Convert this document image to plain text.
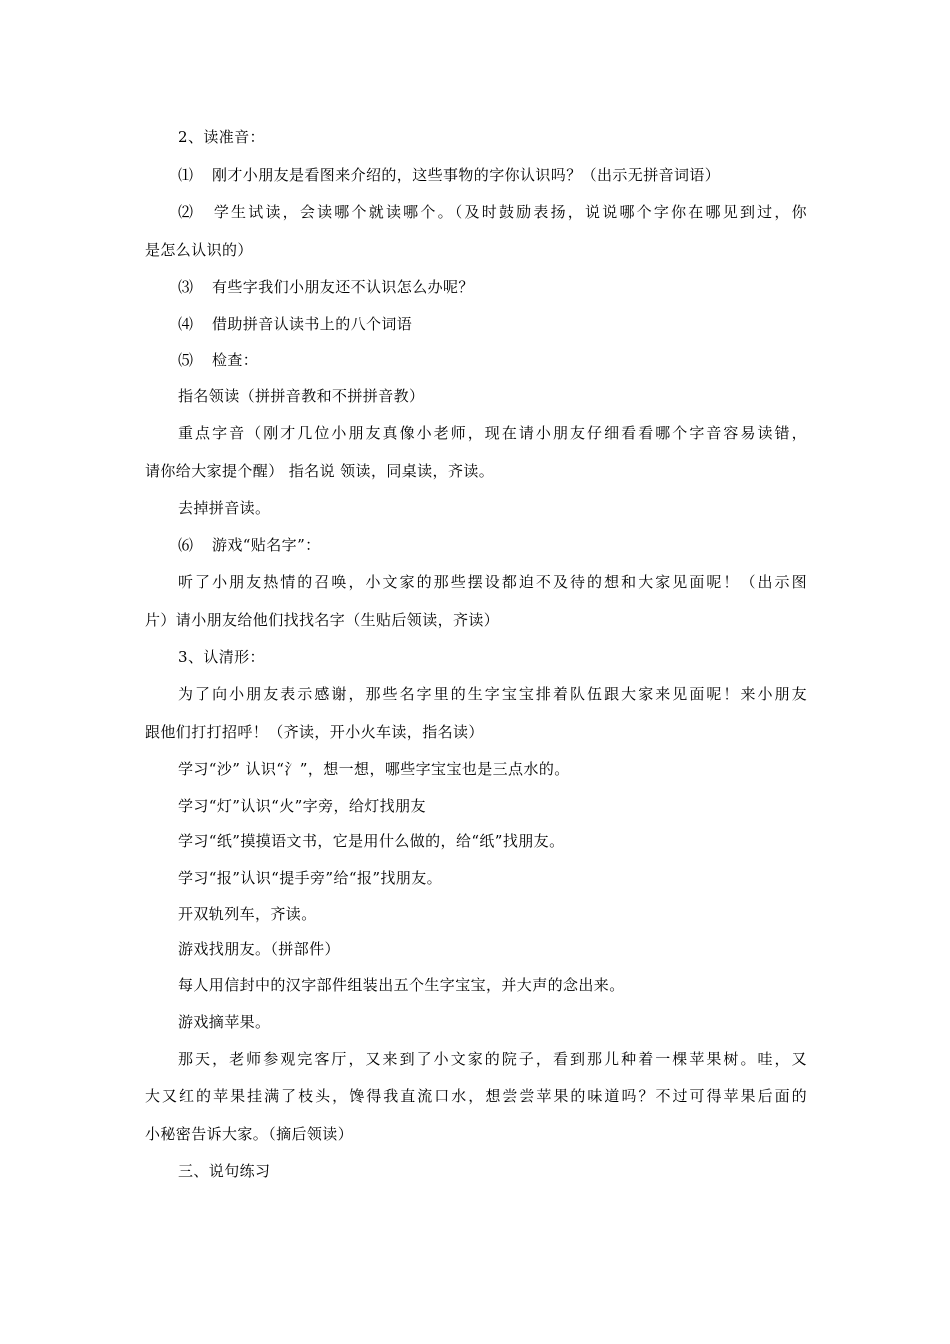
2、读准音：
⑴ 刚才小朋友是看图来介绍的，这些事物的字你认识吗？（出示无拼音词语）
⑵ 学生试读，会读哪个就读哪个。（及时鼓励表扬，说说哪个字你在哪见到过，你
是怎么认识的）
⑶ 有些字我们小朋友还不认识怎么办呢？
⑷ 借助拼音认读书上的八个词语
⑸ 检查：
指名领读（拼拼音教和不拼拼音教）
重点字音（刚才几位小朋友真像小老师，现在请小朋友仔细看看哪个字音容易读错，
请你给大家提个醒） 指名说 领读，同桌读，齐读。
去掉拼音读。
⑹ 游戏“贴名字”：
听了小朋友热情的召唤，小文家的那些摆设都迫不及待的想和大家见面呢！（出示图
片）请小朋友给他们找找名字（生贴后领读，齐读）
3、认清形：
为了向小朋友表示感谢，那些名字里的生字宝宝排着队伍跟大家来见面呢！来小朋友
跟他们打打招呼！（齐读，开小火车读，指名读）
学习“沙” 认识“氵”，想一想，哪些字宝宝也是三点水的。
学习“灯”认识“火”字旁，给灯找朋友
学习“纸”摸摸语文书，它是用什么做的，给“纸”找朋友。
学习“报”认识“提手旁”给“报”找朋友。
开双轨列车，齐读。
游戏找朋友。（拼部件）
每人用信封中的汉字部件组装出五个生字宝宝，并大声的念出来。
游戏摘苹果。
那天，老师参观完客厅，又来到了小文家的院子，看到那儿种着一棵苹果树。哇，又
大又红的苹果挂满了枝头，馋得我直流口水，想尝尝苹果的味道吗？不过可得苹果后面的
小秘密告诉大家。（摘后领读）
三、说句练习
